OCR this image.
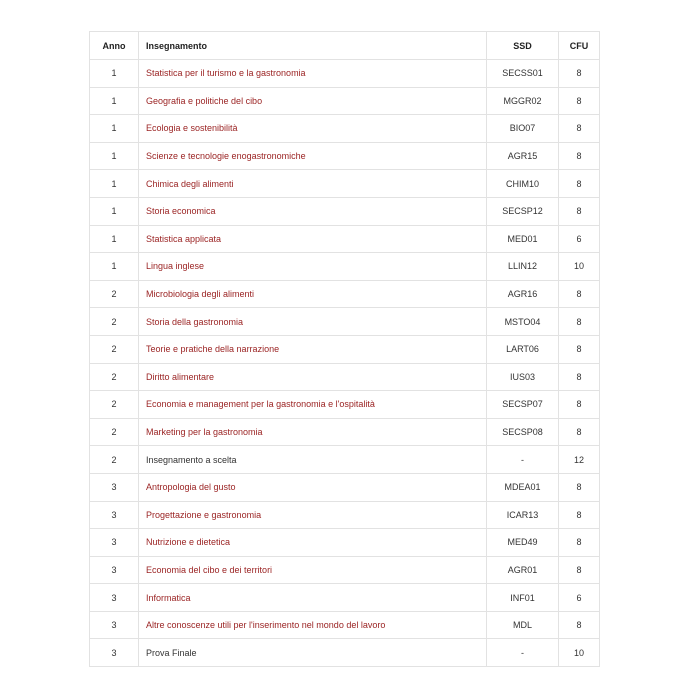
Anno	Insegnamento	SSD	CFU
1	Statistica per il turismo e la gastronomia	SECSS01	8
1	Geografia e politiche del cibo	MGGR02	8
1	Ecologia e sostenibilità	BIO07	8
1	Scienze e tecnologie enogastronomiche	AGR15	8
1	Chimica degli alimenti	CHIM10	8
1	Storia economica	SECSP12	8
1	Statistica applicata	MED01	6
1	Lingua inglese	LLIN12	10
2	Microbiologia degli alimenti	AGR16	8
2	Storia della gastronomia	MSTO04	8
2	Teorie e pratiche della narrazione	LART06	8
2	Diritto alimentare	IUS03	8
2	Economia e management per la gastronomia e l'ospitalità	SECSP07	8
2	Marketing per la gastronomia	SECSP08	8
2	Insegnamento a scelta	-	12
3	Antropologia del gusto	MDEA01	8
3	Progettazione e gastronomia	ICAR13	8
3	Nutrizione e dietetica	MED49	8
3	Economia del cibo e dei territori	AGR01	8
3	Informatica	INF01	6
3	Altre conoscenze utili per l'inserimento nel mondo del lavoro	MDL	8
3	Prova Finale	-	10
